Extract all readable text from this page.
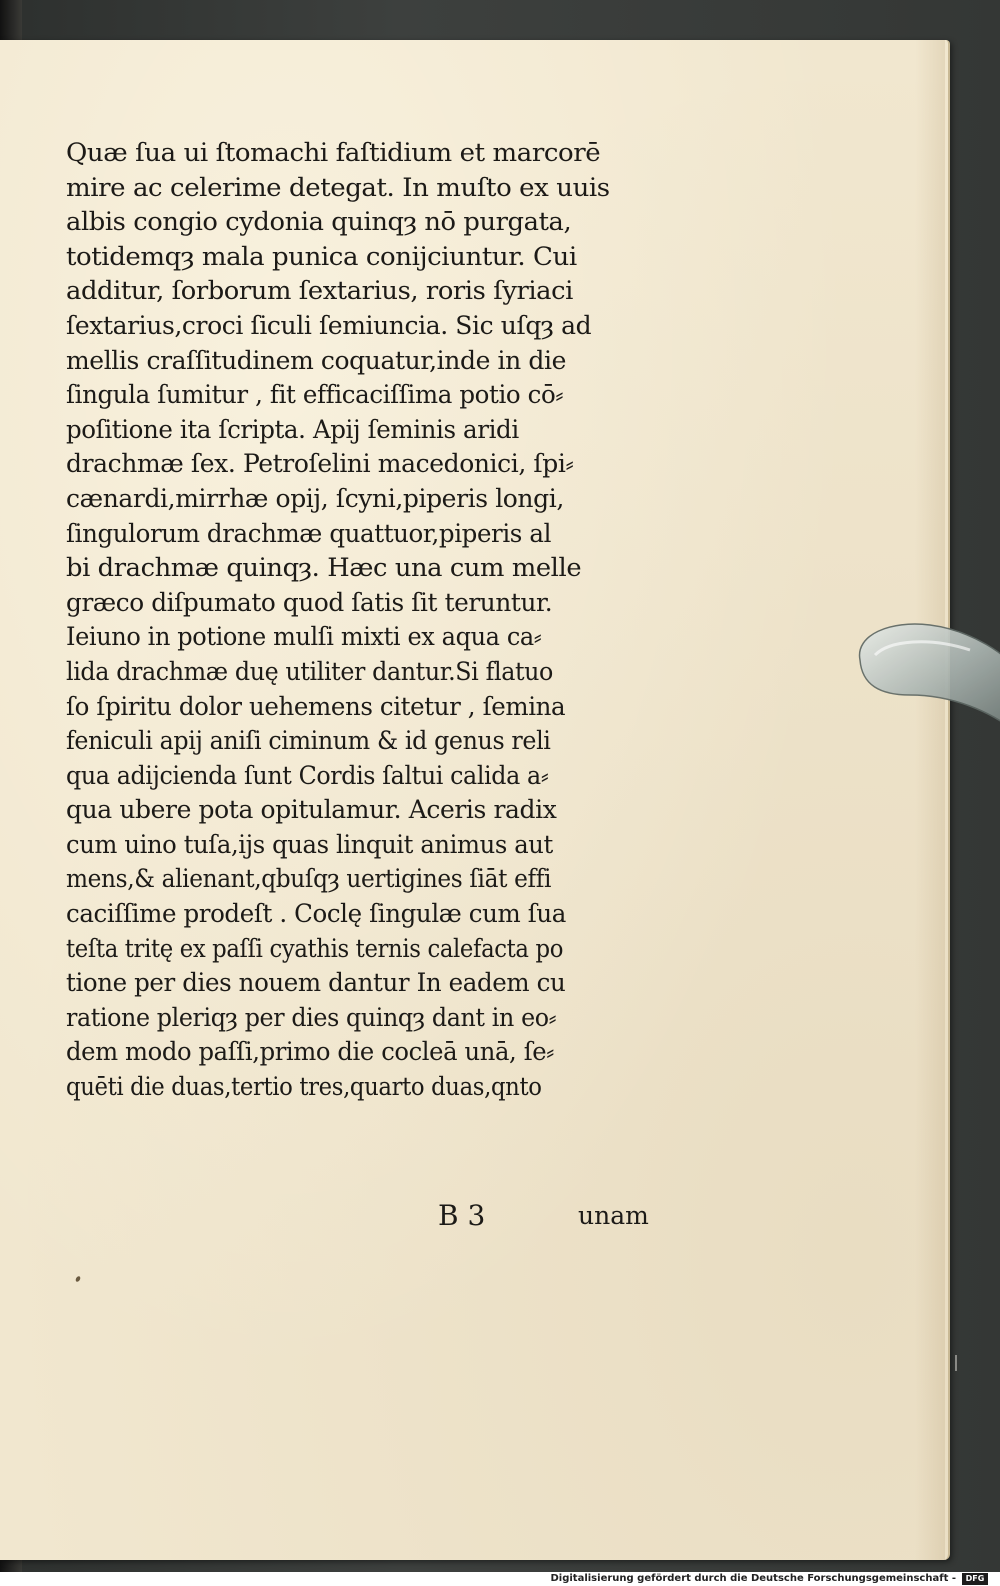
Quæ ſua ui ſtomachi faſtidium et marcorē
mire ac celerime detegat. In muſto ex uuis
albis congio cydonia quinqȝ nō purgata,
totidemqȝ mala punica conijciuntur. Cui
additur, ſorborum ſextarius, roris ſyriaci
ſextarius,croci ſiculi ſemiuncia. Sic uſqȝ ad
mellis craſſitudinem coquatur,inde in die
ſingula ſumitur , fit efficaciſſima potio cō⸗
poſitione ita ſcripta. Apij ſeminis aridi
drachmæ ſex. Petroſelini macedonici, ſpi⸗
cænardi,mirrhæ opij, ſcyni,piperis longi,
ſingulorum drachmæ quattuor,piperis al
bi drachmæ quinqȝ. Hæc una cum melle
græco diſpumato quod ſatis ſit teruntur.
Ieiuno in potione mulſi mixti ex aqua ca⸗
lida drachmæ duę utiliter dantur.Si flatuo
ſo ſpiritu dolor uehemens citetur , ſemina
feniculi apij aniſi ciminum & id genus reli
qua adijcienda ſunt Cordis ſaltui calida a⸗
qua ubere pota opitulamur. Aceris radix
cum uino tuſa,ijs quas linquit animus aut
mens,& alienant,qbuſqȝ uertigines ſiāt effi
caciſſime prodeſt . Coclę ſingulæ cum ſua
teſta tritę ex paſſi cyathis ternis calefacta po
tione per dies nouem dantur In eadem cu
ratione pleriqȝ per dies quinqȝ dant in eo⸗
dem modo paſſi,primo die cocleā unā, ſe⸗
quēti die duas,tertio tres,quarto duas,qnto
B 3	unam
Digitalisierung gefördert durch die Deutsche Forschungsgemeinschaft -	DFG
